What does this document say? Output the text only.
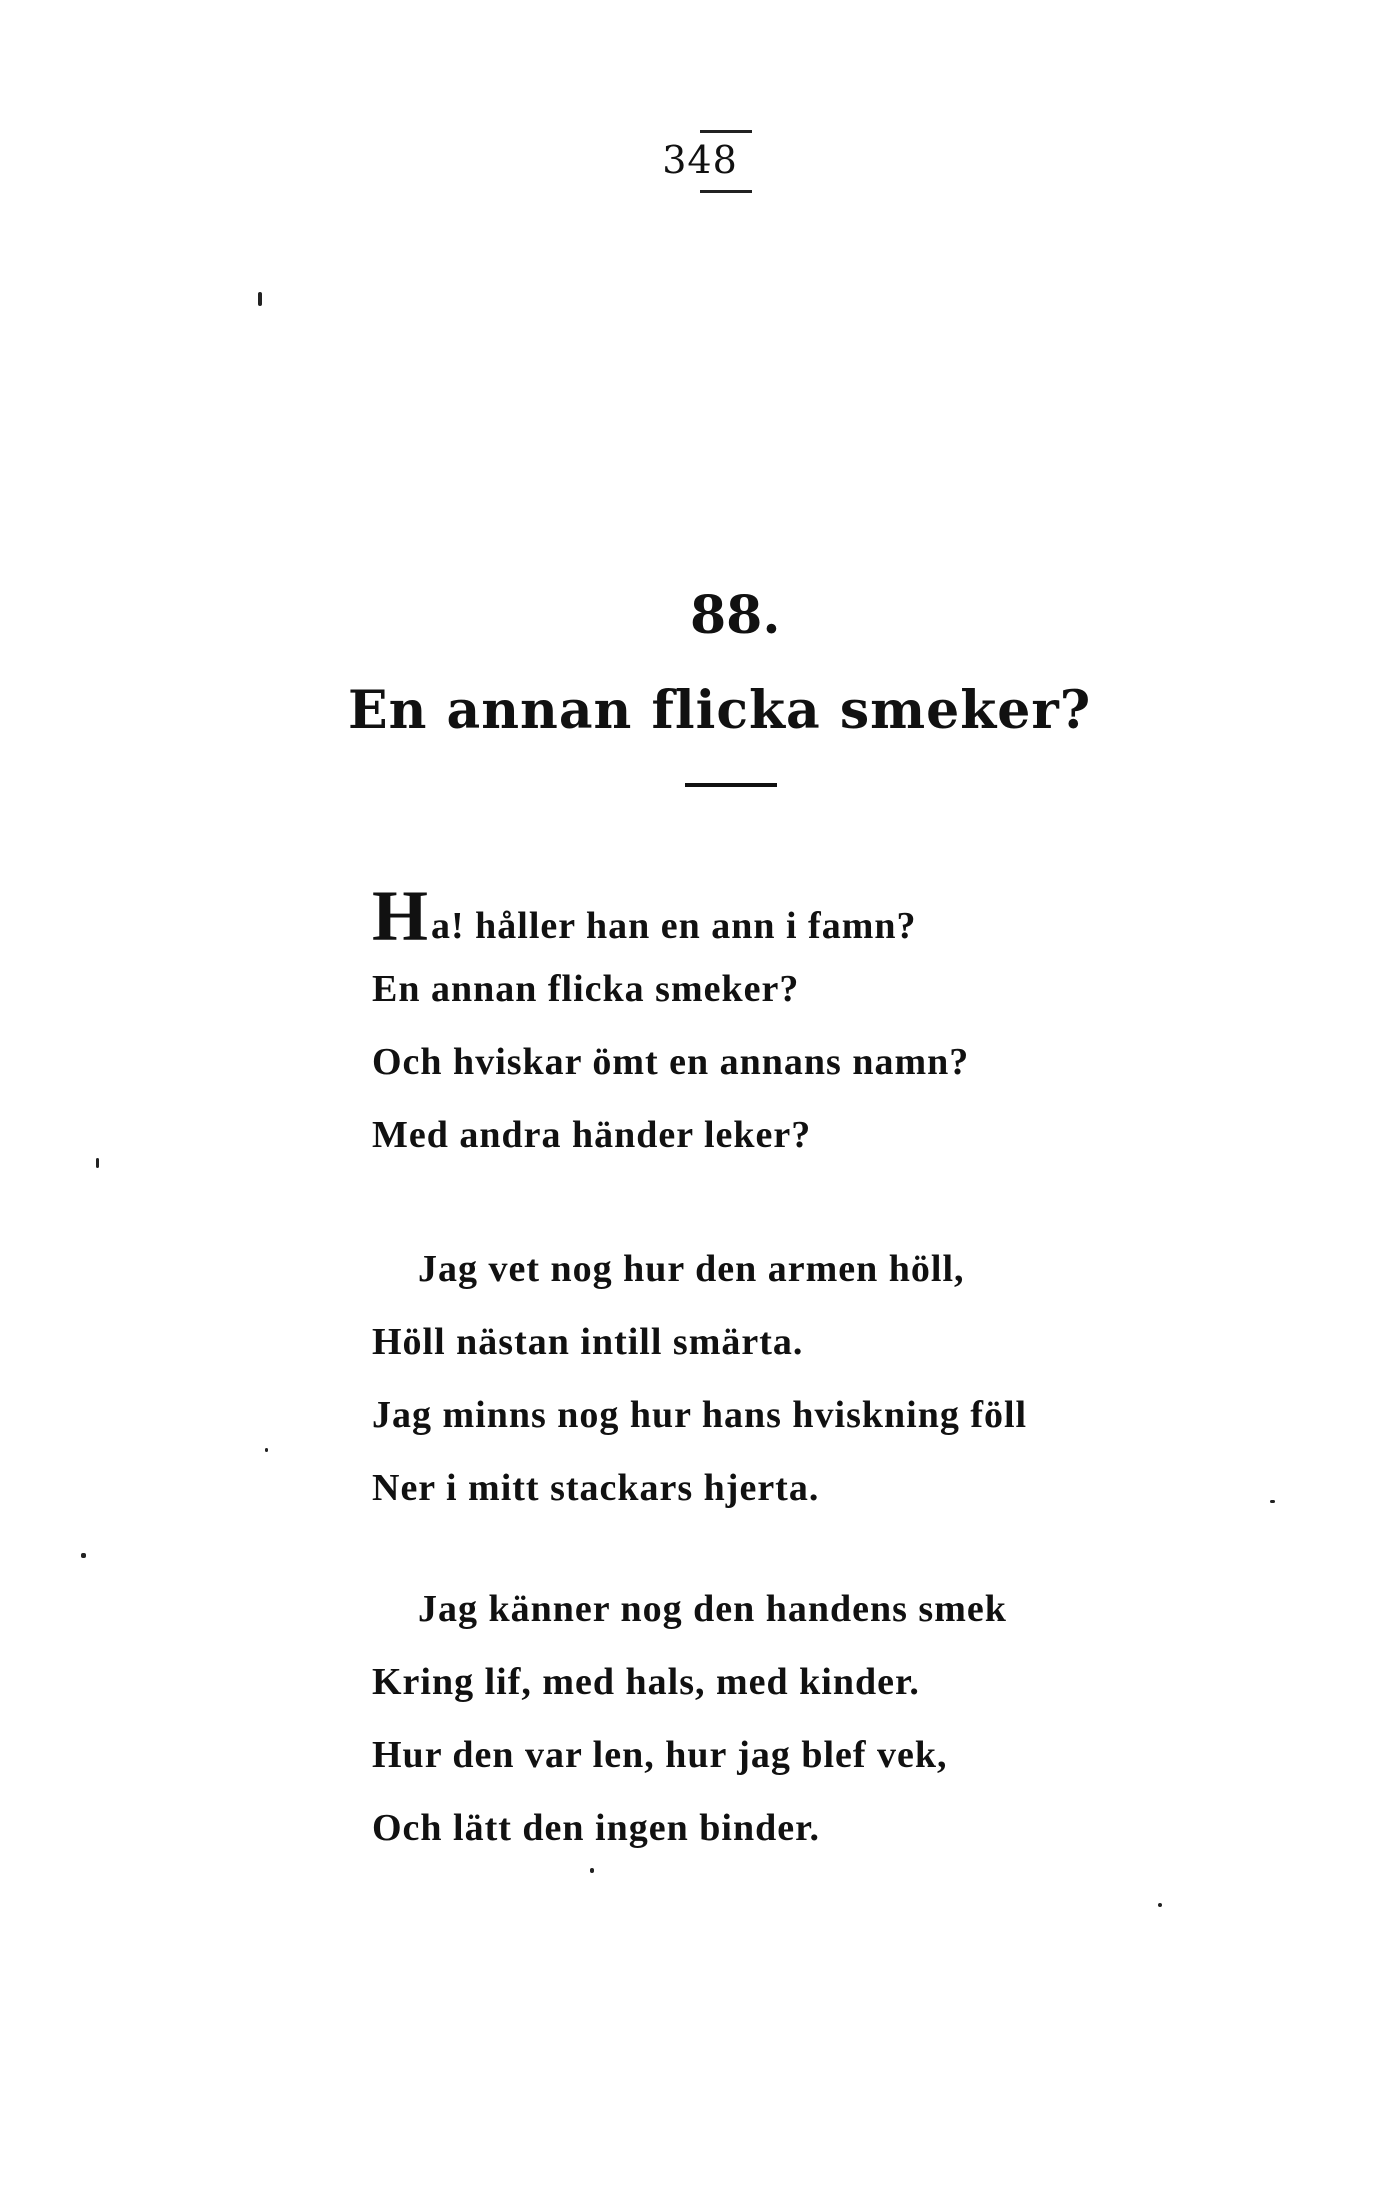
348
88.
En annan flicka smeker?
Ha! håller han en ann i famn?
En annan flicka smeker?
Och hviskar ömt en annans namn?
Med andra händer leker?
Jag vet nog hur den armen höll,
Höll nästan intill smärta.
Jag minns nog hur hans hviskning föll
Ner i mitt stackars hjerta.
Jag känner nog den handens smek
Kring lif, med hals, med kinder.
Hur den var len, hur jag blef vek,
Och lätt den ingen binder.
